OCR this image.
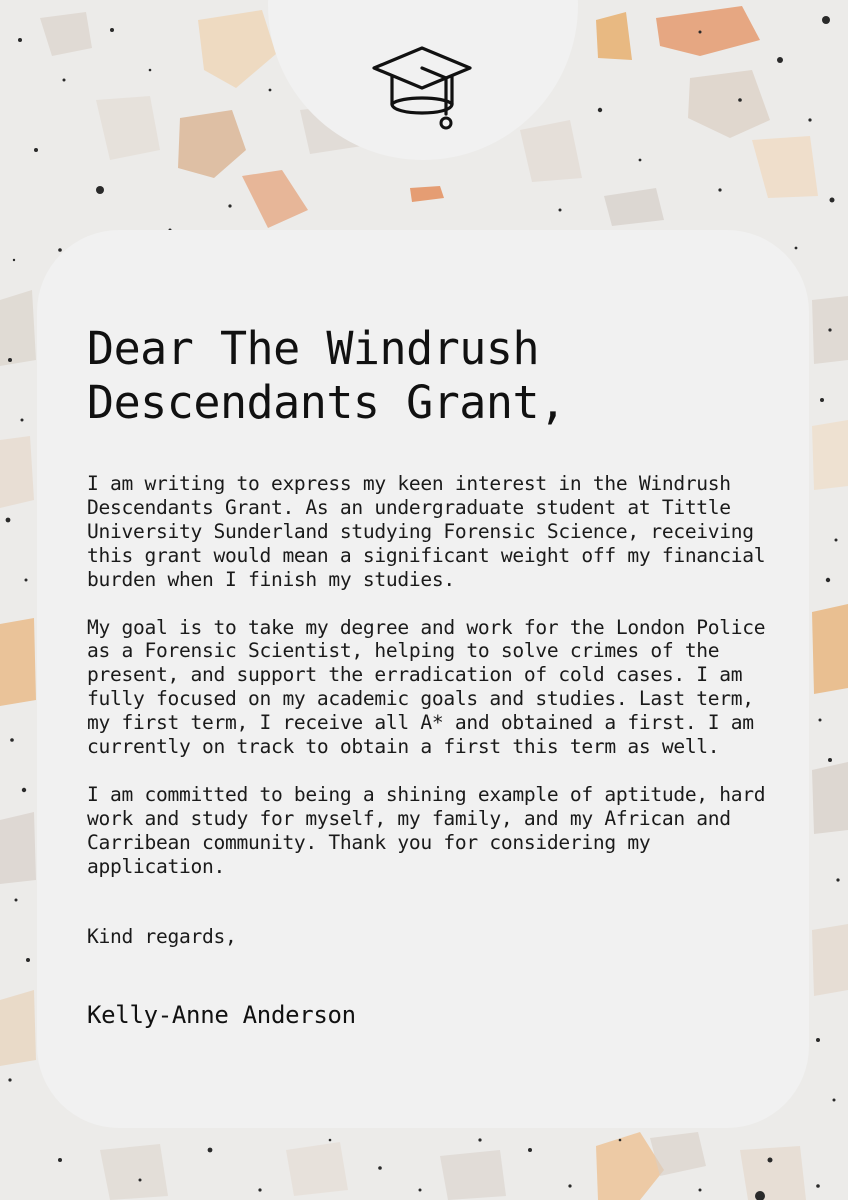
Dear The Windrush Descendants Grant,

I am writing to express my keen interest in the Windrush Descendants Grant. As an undergraduate student at Tittle University Sunderland studying Forensic Science, receiving this grant would mean a significant weight off my financial burden when I finish my studies.

My goal is to take my degree and work for the London Police as a Forensic Scientist, helping to solve crimes of the present, and support the erradication of cold cases. I am fully focused on my academic goals and studies. Last term, my first term, I receive all A* and obtained a first. I am currently on track to obtain a first this term as well.

I am committed to being a shining example of aptitude, hard work and study for myself, my family, and my African and Carribean community. Thank you for considering my application.

Kind regards,
Kelly-Anne Anderson
